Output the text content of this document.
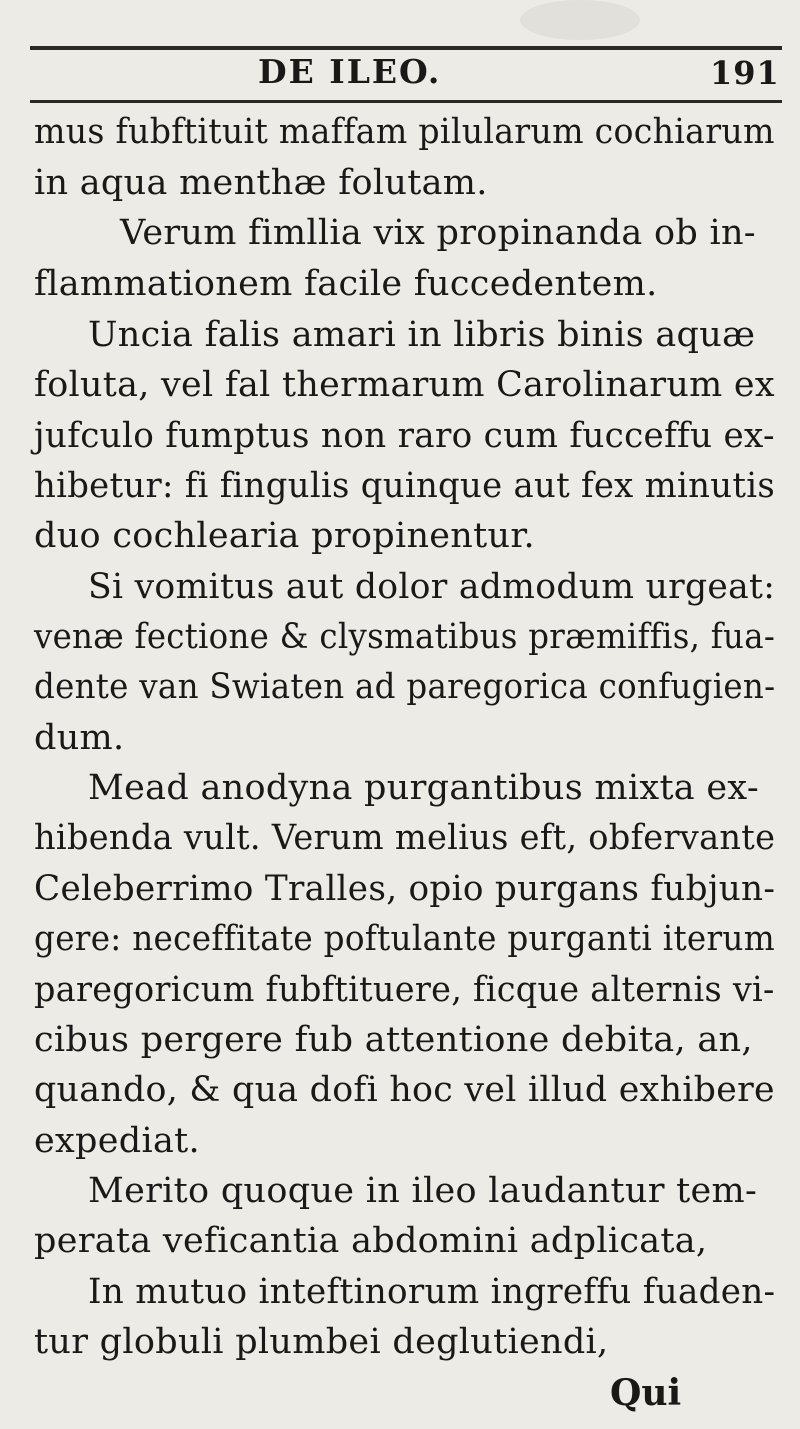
DE ILEO.	191
mus fubftituit maffam pilularum cochiarum
in aqua menthæ folutam.
Verum fimllia vix propinanda ob in-
flammationem facile fuccedentem.
Uncia falis amari in libris binis aquæ
foluta, vel fal thermarum Carolinarum ex
jufculo fumptus non raro cum fucceffu ex-
hibetur: fi fingulis quinque aut fex minutis
duo cochlearia propinentur.
Si vomitus aut dolor admodum urgeat:
venæ fectione & clysmatibus præmiffis, fua-
dente van Swiaten ad paregorica confugien-
dum.
Mead anodyna purgantibus mixta ex-
hibenda vult. Verum melius eft, obfervante
Celeberrimo Tralles, opio purgans fubjun-
gere: neceffitate poftulante purganti iterum
paregoricum fubftituere, ficque alternis vi-
cibus pergere fub attentione debita, an,
quando, & qua dofi hoc vel illud exhibere
expediat.
Merito quoque in ileo laudantur tem-
perata veficantia abdomini adplicata,
In mutuo inteftinorum ingreffu fuaden-
tur globuli plumbei deglutiendi,
Qui
